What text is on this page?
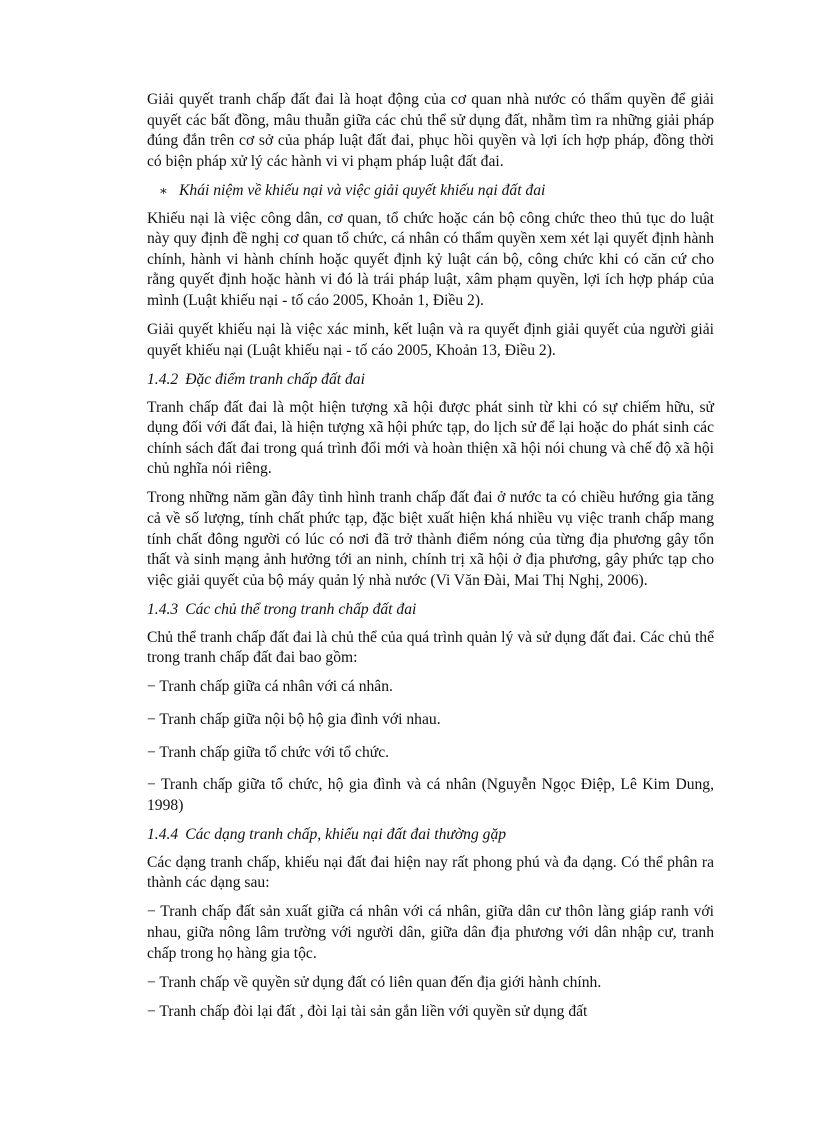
Giải quyết tranh chấp đất đai là hoạt động của cơ quan nhà nước có thẩm quyền để giải quyết các bất đồng, mâu thuẫn giữa các chủ thể sử dụng đất, nhằm tìm ra những giải pháp đúng đắn trên cơ sở của pháp luật đất đai, phục hồi quyền và lợi ích hợp pháp, đồng thời có biện pháp xử lý các hành vi vi phạm pháp luật đất đai.

∗ Khái niệm về khiếu nại và việc giải quyết khiếu nại đất đai

Khiếu nại là việc công dân, cơ quan, tổ chức hoặc cán bộ công chức theo thủ tục do luật này quy định đề nghị cơ quan tổ chức, cá nhân có thẩm quyền xem xét lại quyết định hành chính, hành vi hành chính hoặc quyết định kỷ luật cán bộ, công chức khi có căn cứ cho rằng quyết định hoặc hành vi đó là trái pháp luật, xâm phạm quyền, lợi ích hợp pháp của mình (Luật khiếu nại - tố cáo 2005, Khoản 1, Điều 2).

Giải quyết khiếu nại là việc xác minh, kết luận và ra quyết định giải quyết của người giải quyết khiếu nại (Luật khiếu nại - tố cáo 2005, Khoản 13, Điều 2).

1.4.2 Đặc điểm tranh chấp đất đai

Tranh chấp đất đai là một hiện tượng xã hội được phát sinh từ khi có sự chiếm hữu, sử dụng đối với đất đai, là hiện tượng xã hội phức tạp, do lịch sử để lại hoặc do phát sinh các chính sách đất đai trong quá trình đổi mới và hoàn thiện xã hội nói chung và chế độ xã hội chủ nghĩa nói riêng.

Trong những năm gần đây tình hình tranh chấp đất đai ở nước ta có chiều hướng gia tăng cả về số lượng, tính chất phức tạp, đặc biệt xuất hiện khá nhiều vụ việc tranh chấp mang tính chất đông người có lúc có nơi đã trở thành điểm nóng của từng địa phương gây tổn thất và sinh mạng ảnh hưởng tới an ninh, chính trị xã hội ở địa phương, gây phức tạp cho việc giải quyết của bộ máy quản lý nhà nước (Vi Văn Đài, Mai Thị Nghị, 2006).

1.4.3 Các chủ thể trong tranh chấp đất đai

Chủ thể tranh chấp đất đai là chủ thể của quá trình quản lý và sử dụng đất đai. Các chủ thể trong tranh chấp đất đai bao gồm:

− Tranh chấp giữa cá nhân với cá nhân.

− Tranh chấp giữa nội bộ hộ gia đình với nhau.

− Tranh chấp giữa tổ chức với tổ chức.

− Tranh chấp giữa tổ chức, hộ gia đình và cá nhân (Nguyễn Ngọc Điệp, Lê Kim Dung, 1998)

1.4.4 Các dạng tranh chấp, khiếu nại đất đai thường gặp

Các dạng tranh chấp, khiếu nại đất đai hiện nay rất phong phú và đa dạng. Có thể phân ra thành các dạng sau:

− Tranh chấp đất sản xuất giữa cá nhân với cá nhân, giữa dân cư thôn làng giáp ranh với nhau, giữa nông lâm trường với người dân, giữa dân địa phương với dân nhập cư, tranh chấp trong họ hàng gia tộc.

− Tranh chấp về quyền sử dụng đất có liên quan đến địa giới hành chính.

− Tranh chấp đòi lại đất , đòi lại tài sản gắn liền với quyền sử dụng đất
